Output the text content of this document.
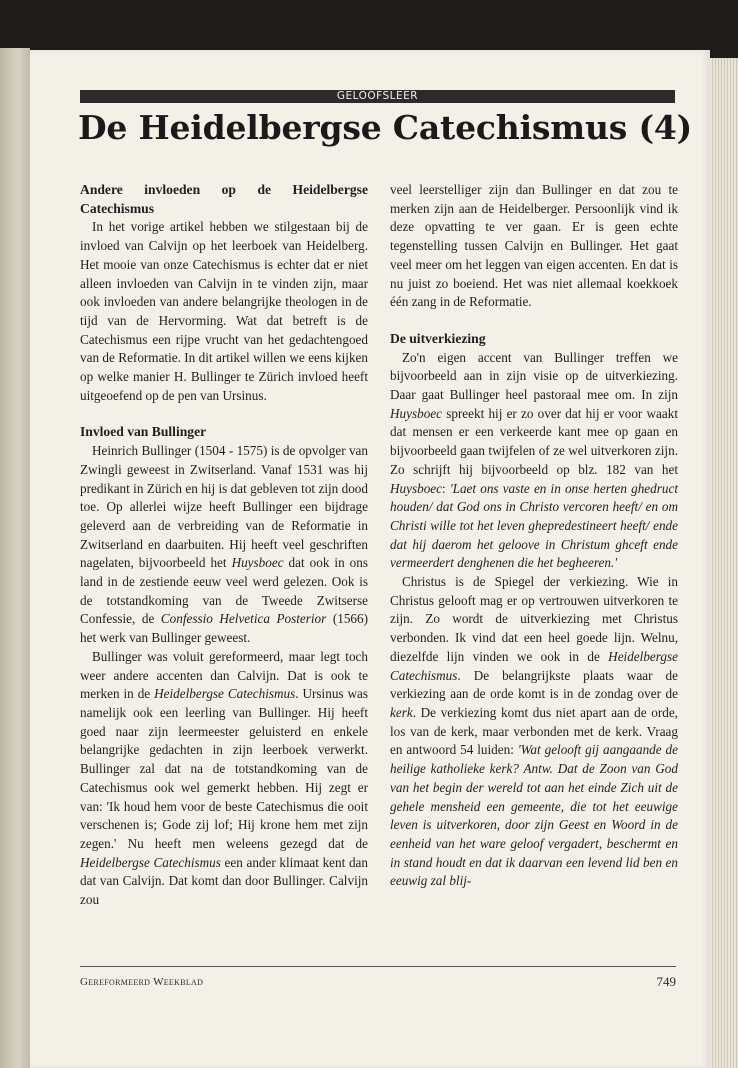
GELOOFSLEER
De Heidelbergse Catechismus (4)
Andere invloeden op de Heidelbergse Catechismus

In het vorige artikel hebben we stilgestaan bij de invloed van Calvijn op het leerboek van Heidelberg. Het mooie van onze Catechismus is echter dat er niet alleen invloeden van Calvijn in te vinden zijn, maar ook invloeden van andere belangrijke theologen in de tijd van de Hervorming. Wat dat betreft is de Catechismus een rijpe vrucht van het gedachtengoed van de Reformatie. In dit artikel willen we eens kijken op welke manier H. Bullinger te Zürich invloed heeft uitgeoefend op de pen van Ursinus.

Invloed van Bullinger

Heinrich Bullinger (1504 - 1575) is de opvolger van Zwingli geweest in Zwitserland. Vanaf 1531 was hij predikant in Zürich en hij is dat gebleven tot zijn dood toe. Op allerlei wijze heeft Bullinger een bijdrage geleverd aan de verbreiding van de Reformatie in Zwitserland en daarbuiten. Hij heeft veel geschriften nagelaten, bijvoorbeeld het Huysboec dat ook in ons land in de zestiende eeuw veel werd gelezen. Ook is de totstandkoming van de Tweede Zwitserse Confessie, de Confessio Helvetica Posterior (1566) het werk van Bullinger geweest.

Bullinger was voluit gereformeerd, maar legt toch weer andere accenten dan Calvijn. Dat is ook te merken in de Heidelbergse Catechismus. Ursinus was namelijk ook een leerling van Bullinger. Hij heeft goed naar zijn leermeester geluisterd en enkele belangrijke gedachten in zijn leerboek verwerkt. Bullinger zal dat na de totstandkoming van de Catechismus ook wel gemerkt hebben. Hij zegt er van: 'Ik houd hem voor de beste Catechismus die ooit verschenen is; Gode zij lof; Hij krone hem met zijn zegen.' Nu heeft men weleens gezegd dat de Heidelbergse Catechismus een ander klimaat kent dan dat van Calvijn. Dat komt dan door Bullinger. Calvijn zou

veel leerstelliger zijn dan Bullinger en dat zou te merken zijn aan de Heidelberger. Persoonlijk vind ik deze opvatting te ver gaan. Er is geen echte tegenstelling tussen Calvijn en Bullinger. Het gaat veel meer om het leggen van eigen accenten. En dat is nu juist zo boeiend. Het was niet allemaal koekkoek één zang in de Reformatie.

De uitverkiezing

Zo'n eigen accent van Bullinger treffen we bijvoorbeeld aan in zijn visie op de uitverkiezing. Daar gaat Bullinger heel pastoraal mee om. In zijn Huysboec spreekt hij er zo over dat hij er voor waakt dat mensen er een verkeerde kant mee op gaan en bijvoorbeeld gaan twijfelen of ze wel uitverkoren zijn. Zo schrijft hij bijvoorbeeld op blz. 182 van het Huysboec: 'Laet ons vaste en in onse herten ghedruct houden/ dat God ons in Christo vercoren heeft/ en om Christi wille tot het leven ghepredestineert heeft/ ende dat hij daerom het geloove in Christum ghceft ende vermeerdert denghenen die het begheeren.'

Christus is de Spiegel der verkiezing. Wie in Christus gelooft mag er op vertrouwen uitverkoren te zijn. Zo wordt de uitverkiezing met Christus verbonden. Ik vind dat een heel goede lijn. Welnu, diezelfde lijn vinden we ook in de Heidelbergse Catechismus. De belangrijkste plaats waar de verkiezing aan de orde komt is in de zondag over de kerk. De verkiezing komt dus niet apart aan de orde, los van de kerk, maar verbonden met de kerk. Vraag en antwoord 54 luiden: 'Wat gelooft gij aangaande de heilige katholieke kerk? Antw. Dat de Zoon van God van het begin der wereld tot aan het einde Zich uit de gehele mensheid een gemeente, die tot het eeuwige leven is uitverkoren, door zijn Geest en Woord in de eenheid van het ware geloof vergadert, beschermt en in stand houdt en dat ik daarvan een levend lid ben en eeuwig zal blij-

Gereformeerd Weekblad	749
